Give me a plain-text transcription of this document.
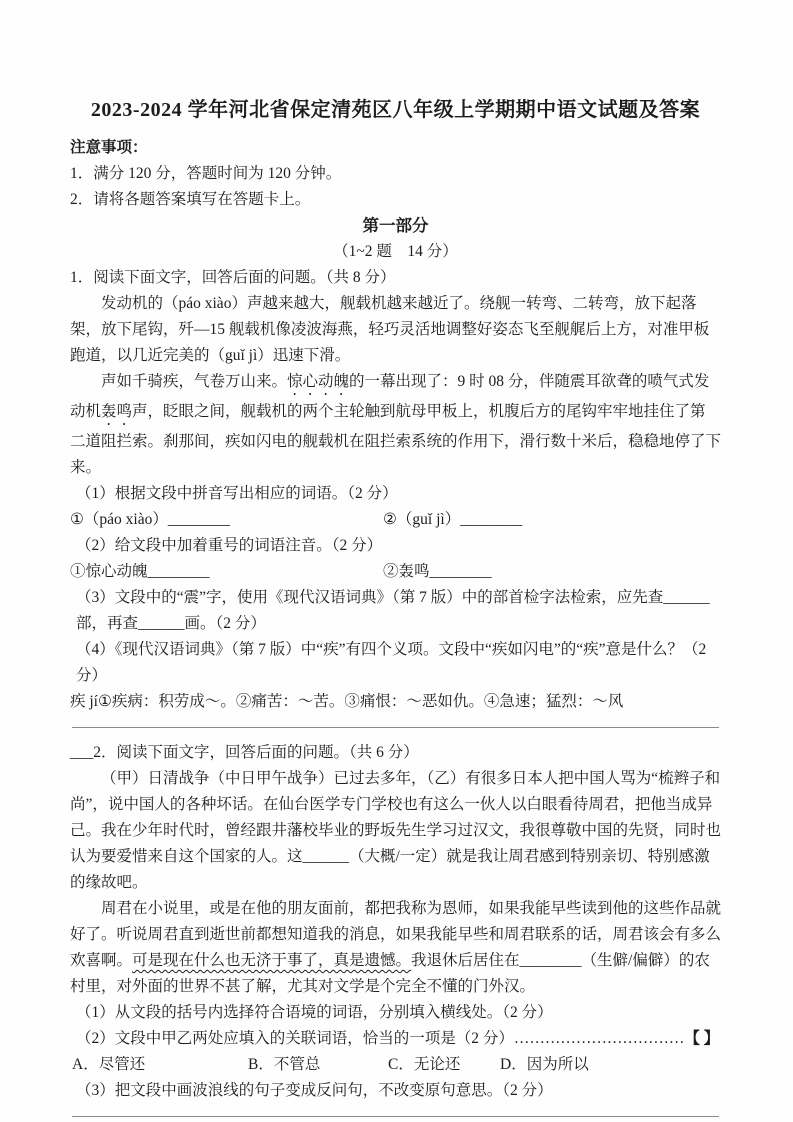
2023-2024 学年河北省保定清苑区八年级上学期期中语文试题及答案
注意事项：
1．满分 120 分，答题时间为 120 分钟。
2．请将各题答案填写在答题卡上。
第一部分
（1~2 题　14 分）
1．阅读下面文字，回答后面的问题。（共 8 分）

发动机的（páo xiào）声越来越大，舰载机越来越近了。绕舰一转弯、二转弯，放下起落架，放下尾钩，歼—15 舰载机像凌波海燕，轻巧灵活地调整好姿态飞至舰艉后上方，对准甲板跑道，以几近完美的（guǐ jì）迅速下滑。

声如千骑疾，气卷万山来。惊心动魄的一幕出现了：9 时 08 分，伴随震耳欲聋的喷气式发动机轰鸣声，眨眼之间，舰载机的两个主轮触到航母甲板上，机腹后方的尾钩牢牢地挂住了第二道阻拦索。刹那间，疾如闪电的舰载机在阻拦索系统的作用下，滑行数十米后，稳稳地停了下来。

（1）根据文段中拼音写出相应的词语。（2 分）
①（páo xiào）________	②（guǐ jì）________
（2）给文段中加着重号的词语注音。（2 分）
①惊心动魄________	②轰鸣________
（3）文段中的“震”字，使用《现代汉语词典》（第 7 版）中的部首检字法检索，应先查______部，再查______画。（2 分）
（4）《现代汉语词典》（第 7 版）中“疾”有四个义项。文段中“疾如闪电”的“疾”意是什么？（2 分）
疾 jí①疾病：积劳成～。②痛苦：～苦。③痛恨：～恶如仇。④急速；猛烈：～风
___2．阅读下面文字，回答后面的问题。（共 6 分）

（甲）日清战争（中日甲午战争）已过去多年，（乙）有很多日本人把中国人骂为“梳辫子和尚”，说中国人的各种坏话。在仙台医学专门学校也有这么一伙人以白眼看待周君，把他当成异己。我在少年时代时，曾经跟井藩校毕业的野坂先生学习过汉文，我很尊敬中国的先贤，同时也认为要爱惜来自这个国家的人。这______（大概/一定）就是我让周君感到特别亲切、特别感激的缘故吧。

周君在小说里，或是在他的朋友面前，都把我称为恩师，如果我能早些读到他的这些作品就好了。听说周君直到逝世前都想知道我的消息，如果我能早些和周君联系的话，周君该会有多么欢喜啊。可是现在什么也无济于事了，真是遗憾。我退休后居住在________（生僻/偏僻）的农村里，对外面的世界不甚了解，尤其对文学是个完全不懂的门外汉。

（1）从文段的括号内选择符合语境的词语，分别填入横线处。（2 分）
（2）文段中甲乙两处应填入的关联词语，恰当的一项是（2 分）……………………………【 】
A．尽管还	B．不管总	C．无论还	D．因为所以
（3）把文段中画波浪线的句子变成反问句，不改变原句意思。（2 分）
